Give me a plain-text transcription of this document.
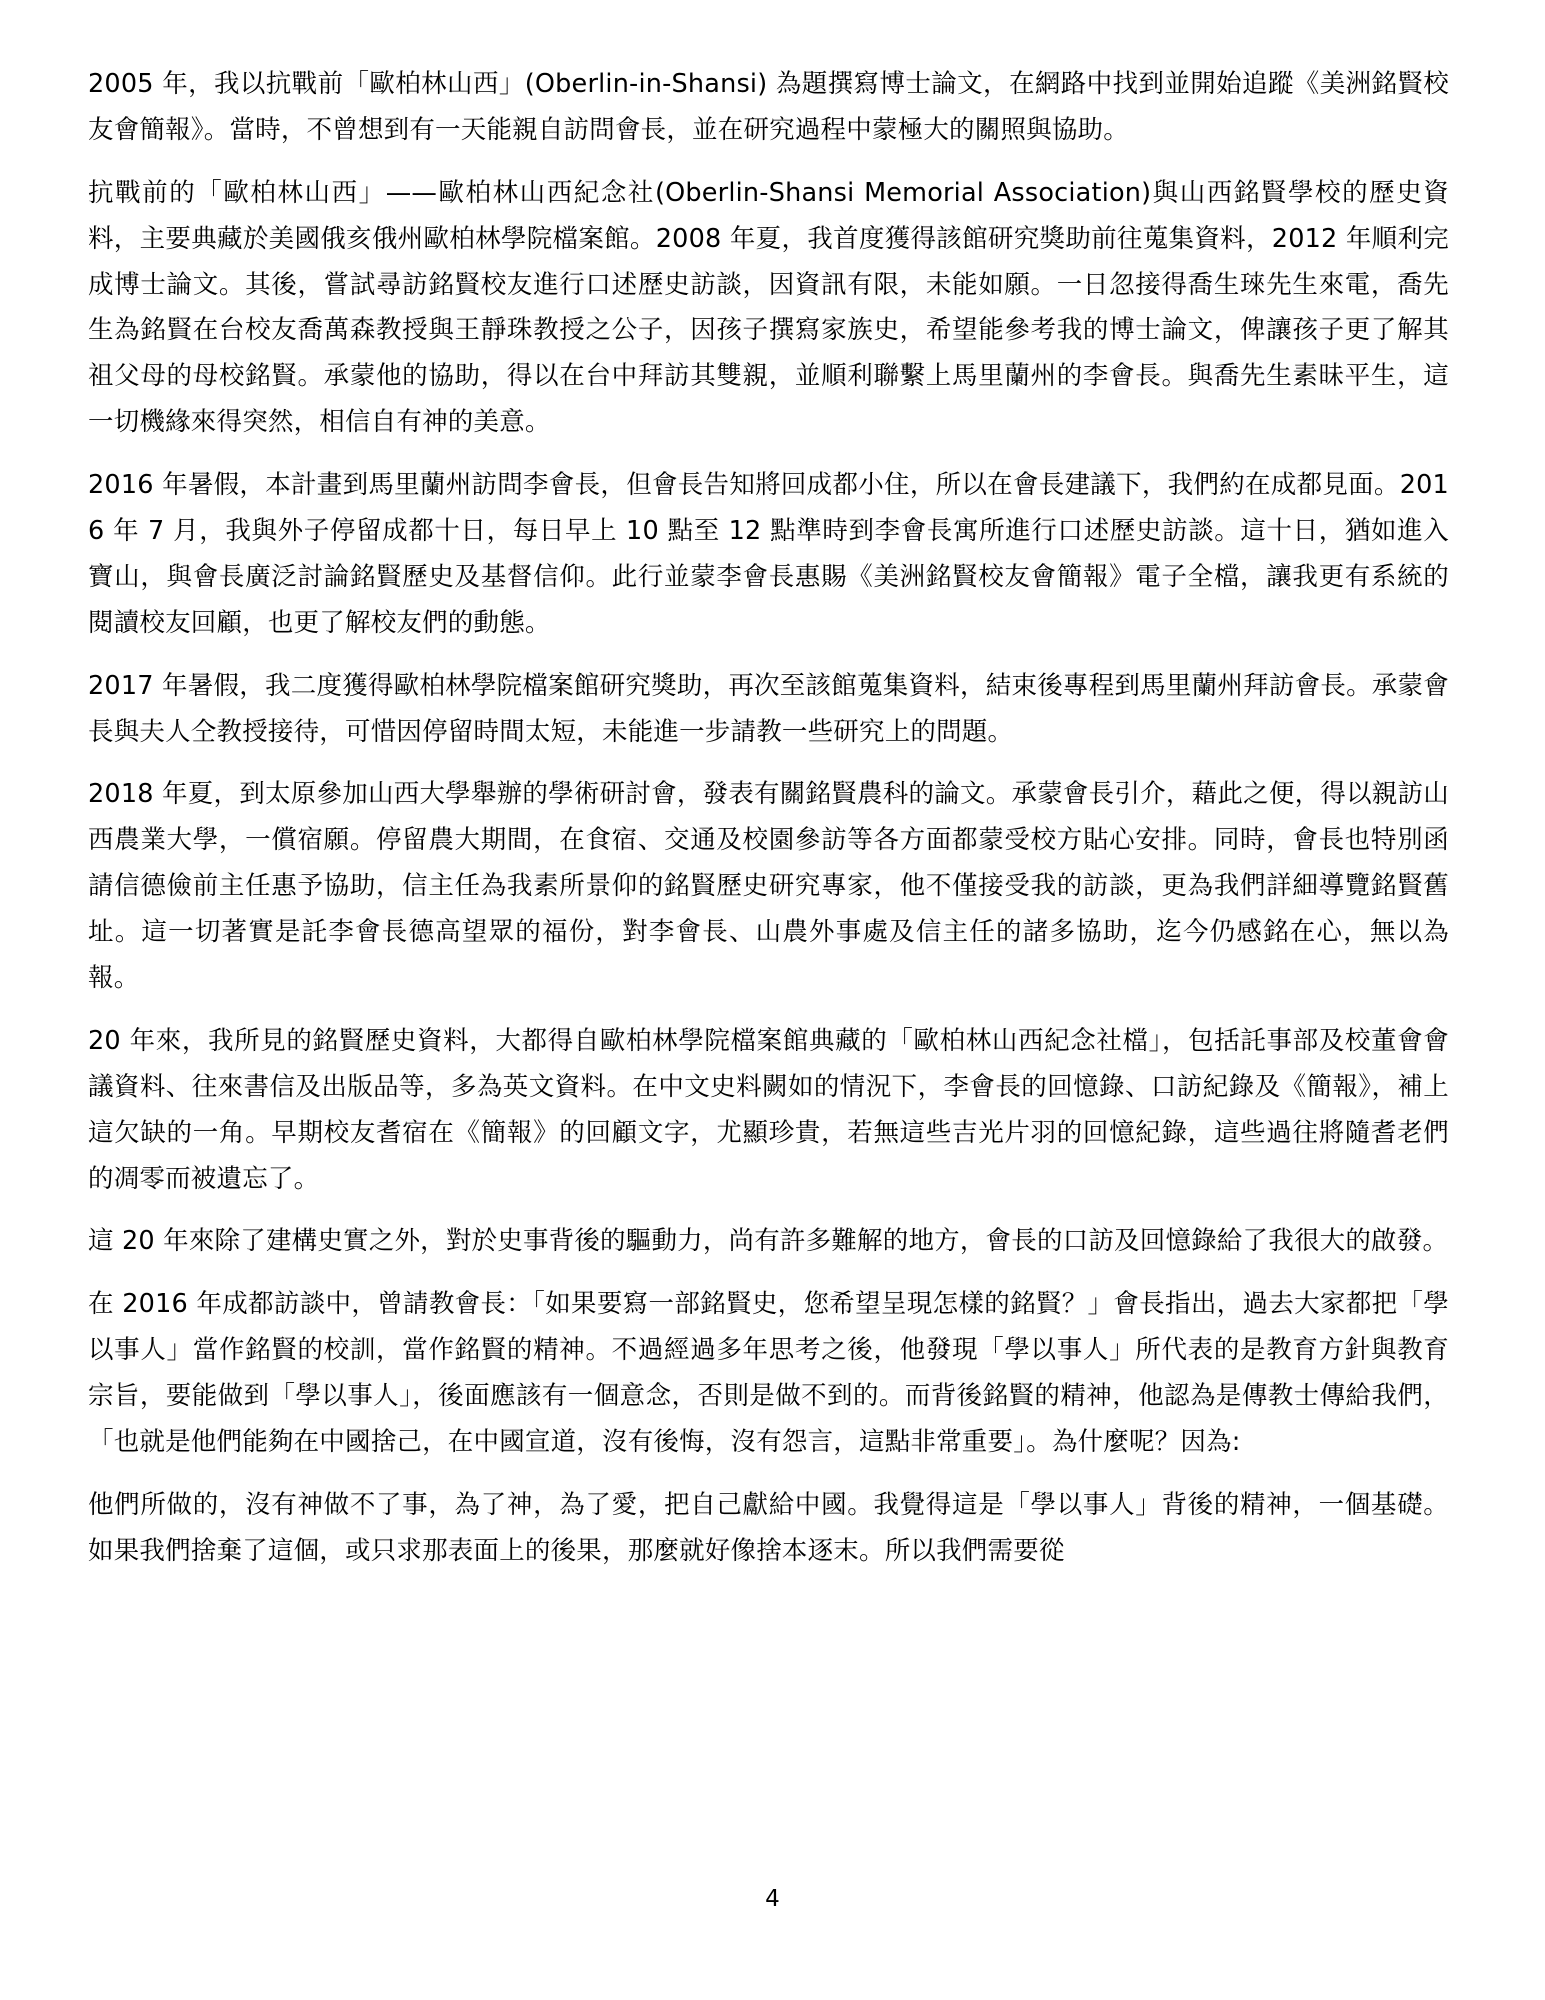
2005 年，我以抗戰前「歐柏林山西」(Oberlin-in-Shansi) 為題撰寫博士論文，在網路中找到並開始追蹤《美洲銘賢校友會簡報》。當時，不曾想到有一天能親自訪問會長，並在研究過程中蒙極大的關照與協助。

抗戰前的「歐柏林山西」——歐柏林山西紀念社(Oberlin-Shansi Memorial Association)與山西銘賢學校的歷史資料，主要典藏於美國俄亥俄州歐柏林學院檔案館。2008 年夏，我首度獲得該館研究獎助前往蒐集資料，2012 年順利完成博士論文。其後，嘗試尋訪銘賢校友進行口述歷史訪談，因資訊有限，未能如願。一日忽接得喬生琜先生來電，喬先生為銘賢在台校友喬萬森教授與王靜珠教授之公子，因孩子撰寫家族史，希望能參考我的博士論文，俾讓孩子更了解其祖父母的母校銘賢。承蒙他的協助，得以在台中拜訪其雙親，並順利聯繫上馬里蘭州的李會長。與喬先生素昧平生，這一切機緣來得突然，相信自有神的美意。

2016 年暑假，本計畫到馬里蘭州訪問李會長，但會長告知將回成都小住，所以在會長建議下，我們約在成都見面。2016 年 7 月，我與外子停留成都十日，每日早上 10 點至 12 點準時到李會長寓所進行口述歷史訪談。這十日，猶如進入寶山，與會長廣泛討論銘賢歷史及基督信仰。此行並蒙李會長惠賜《美洲銘賢校友會簡報》電子全檔，讓我更有系統的閱讀校友回顧，也更了解校友們的動態。

2017 年暑假，我二度獲得歐柏林學院檔案館研究獎助，再次至該館蒐集資料，結束後專程到馬里蘭州拜訪會長。承蒙會長與夫人仝教授接待，可惜因停留時間太短，未能進一步請教一些研究上的問題。

2018 年夏，到太原參加山西大學舉辦的學術研討會，發表有關銘賢農科的論文。承蒙會長引介，藉此之便，得以親訪山西農業大學，一償宿願。停留農大期間，在食宿、交通及校園參訪等各方面都蒙受校方貼心安排。同時，會長也特別函請信德儉前主任惠予協助，信主任為我素所景仰的銘賢歷史研究專家，他不僅接受我的訪談，更為我們詳細導覽銘賢舊址。這一切著實是託李會長德高望眾的福份，對李會長、山農外事處及信主任的諸多協助，迄今仍感銘在心，無以為報。

20 年來，我所見的銘賢歷史資料，大都得自歐柏林學院檔案館典藏的「歐柏林山西紀念社檔」，包括託事部及校董會會議資料、往來書信及出版品等，多為英文資料。在中文史料闕如的情況下，李會長的回憶錄、口訪紀錄及《簡報》，補上這欠缺的一角。早期校友耆宿在《簡報》的回顧文字，尤顯珍貴，若無這些吉光片羽的回憶紀錄，這些過往將隨耆老們的凋零而被遺忘了。

這 20 年來除了建構史實之外，對於史事背後的驅動力，尚有許多難解的地方，會長的口訪及回憶錄給了我很大的啟發。

在 2016 年成都訪談中，曾請教會長：「如果要寫一部銘賢史，您希望呈現怎樣的銘賢？」會長指出，過去大家都把「學以事人」當作銘賢的校訓，當作銘賢的精神。不過經過多年思考之後，他發現「學以事人」所代表的是教育方針與教育宗旨，要能做到「學以事人」，後面應該有一個意念，否則是做不到的。而背後銘賢的精神，他認為是傳教士傳給我們，「也就是他們能夠在中國捨己，在中國宣道，沒有後悔，沒有怨言，這點非常重要」。為什麼呢？因為:

他們所做的，沒有神做不了事，為了神，為了愛，把自己獻給中國。我覺得這是「學以事人」背後的精神，一個基礎。如果我們捨棄了這個，或只求那表面上的後果，那麼就好像捨本逐末。所以我們需要從

4
